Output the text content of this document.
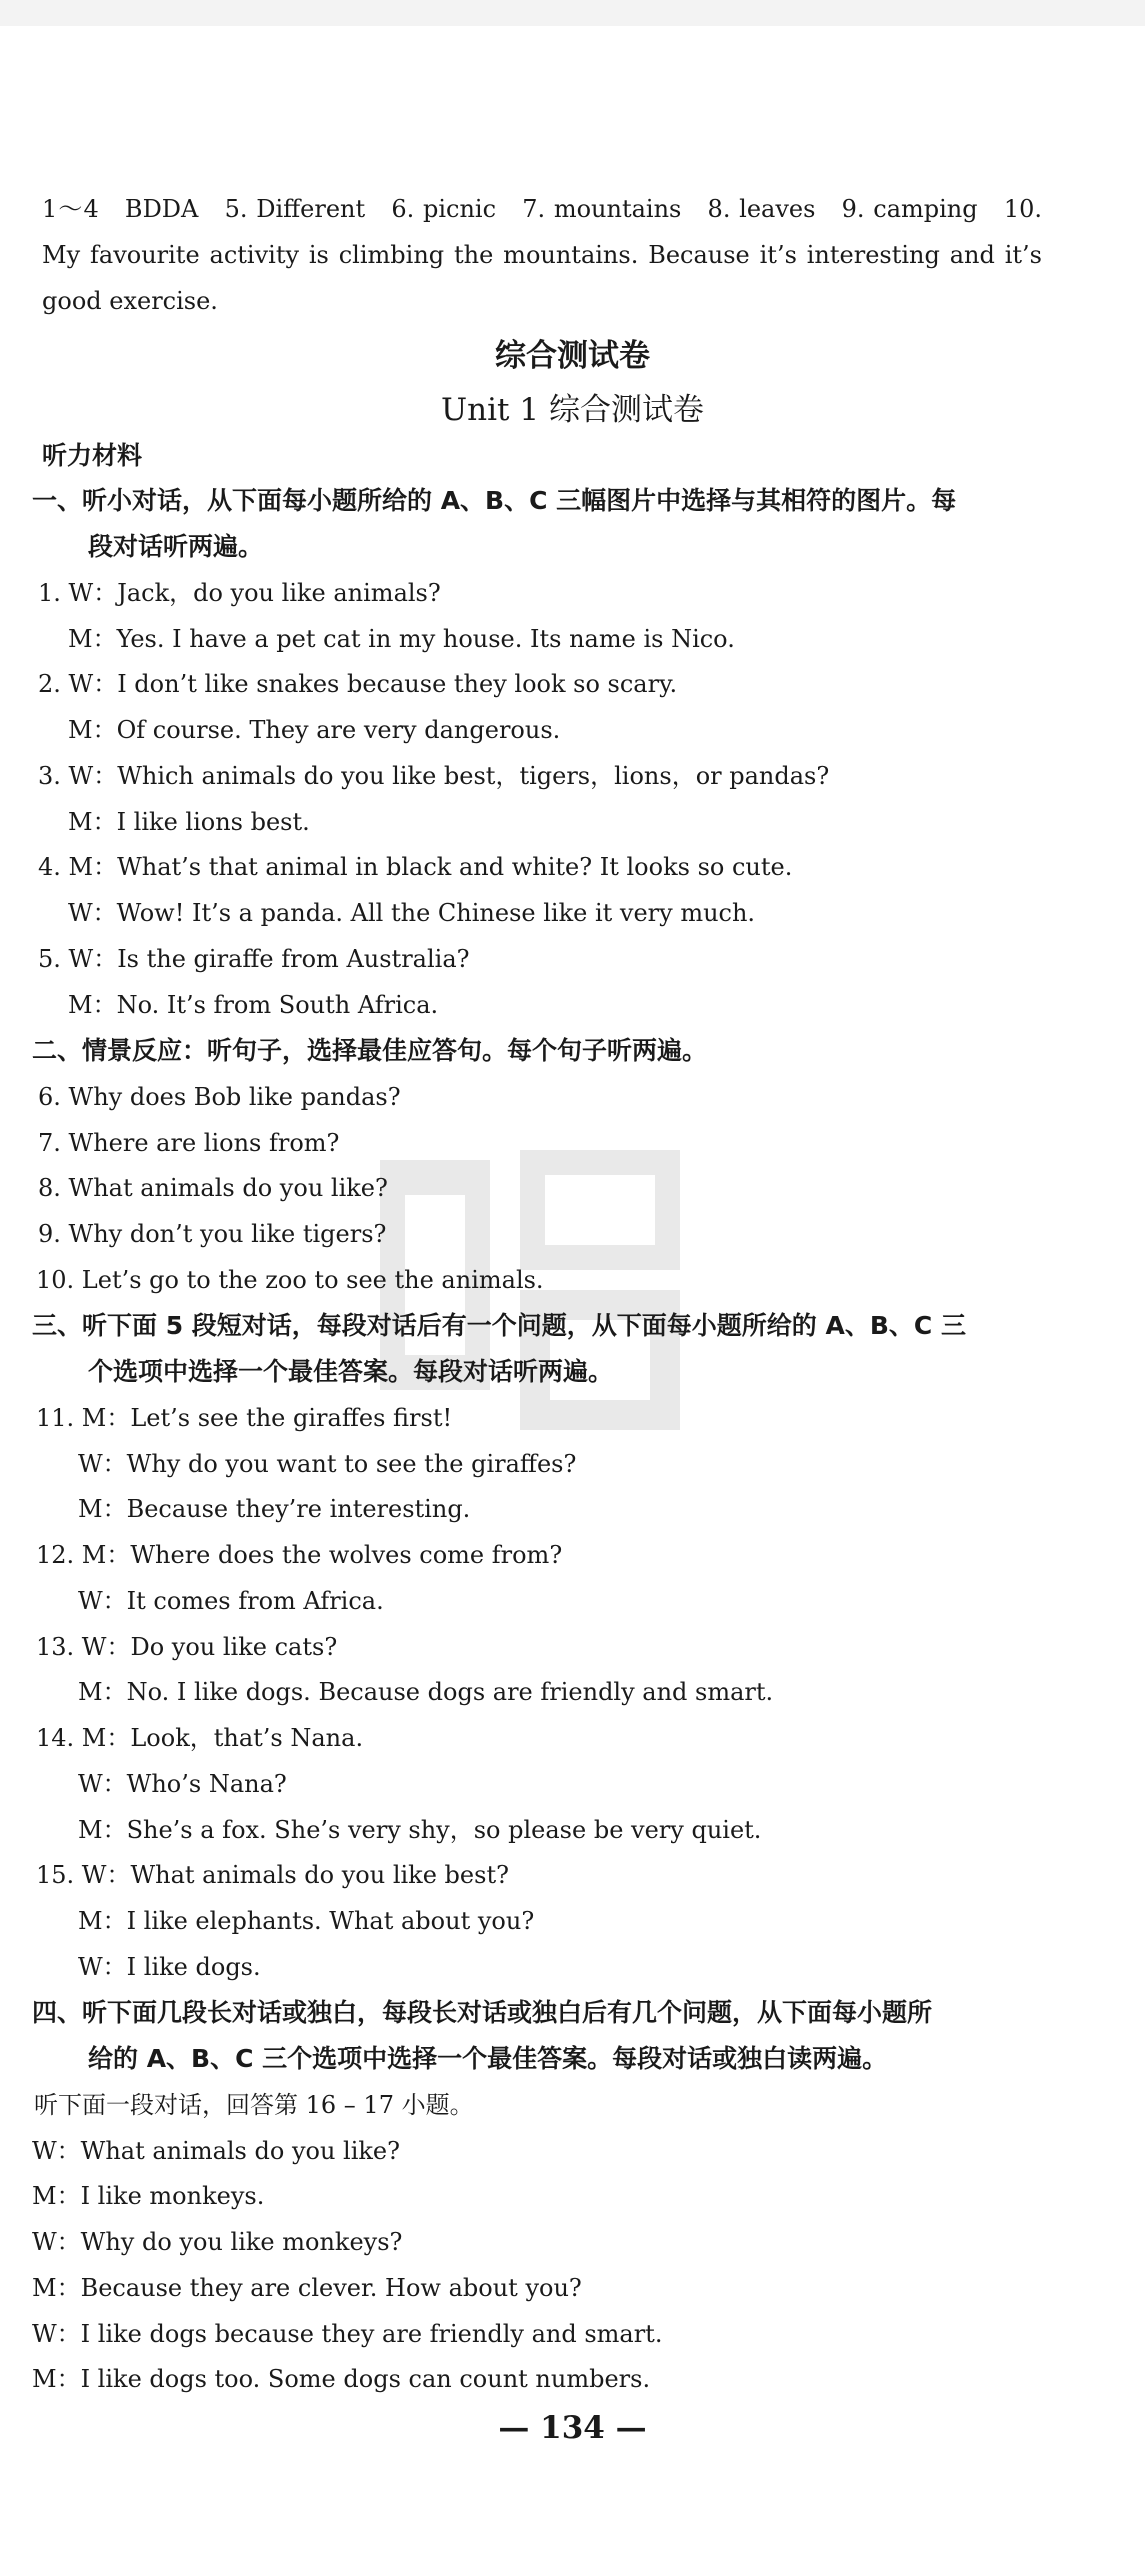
1～4　BDDA　5. Different　6. picnic　7. mountains　8. leaves　9. camping　10. My favourite activity is climbing the mountains. Because it’s interesting and it’s good exercise.
综合测试卷
Unit 1 综合测试卷
听力材料
一、听小对话，从下面每小题所给的 A、B、C 三幅图片中选择与其相符的图片。每
段对话听两遍。
1. W：Jack，do you like animals?
M：Yes. I have a pet cat in my house. Its name is Nico.
2. W：I don’t like snakes because they look so scary.
M：Of course. They are very dangerous.
3. W：Which animals do you like best，tigers，lions，or pandas?
M：I like lions best.
4. M：What’s that animal in black and white? It looks so cute.
W：Wow! It’s a panda. All the Chinese like it very much.
5. W：Is the giraffe from Australia?
M：No. It’s from South Africa.
二、情景反应：听句子，选择最佳应答句。每个句子听两遍。
6. Why does Bob like pandas?
7. Where are lions from?
8. What animals do you like?
9. Why don’t you like tigers?
10. Let’s go to the zoo to see the animals.
三、听下面 5 段短对话，每段对话后有一个问题，从下面每小题所给的 A、B、C 三
个选项中选择一个最佳答案。每段对话听两遍。
11. M：Let’s see the giraffes first!
W：Why do you want to see the giraffes?
M：Because they’re interesting.
12. M：Where does the wolves come from?
W：It comes from Africa.
13. W：Do you like cats?
M：No. I like dogs. Because dogs are friendly and smart.
14. M：Look，that’s Nana.
W：Who’s Nana?
M：She’s a fox. She’s very shy，so please be very quiet.
15. W：What animals do you like best?
M：I like elephants. What about you?
W：I like dogs.
四、听下面几段长对话或独白，每段长对话或独白后有几个问题，从下面每小题所
给的 A、B、C 三个选项中选择一个最佳答案。每段对话或独白读两遍。
听下面一段对话，回答第 16 – 17 小题。
W：What animals do you like?
M：I like monkeys.
W：Why do you like monkeys?
M：Because they are clever. How about you?
W：I like dogs because they are friendly and smart.
M：I like dogs too. Some dogs can count numbers.
— 134 —
